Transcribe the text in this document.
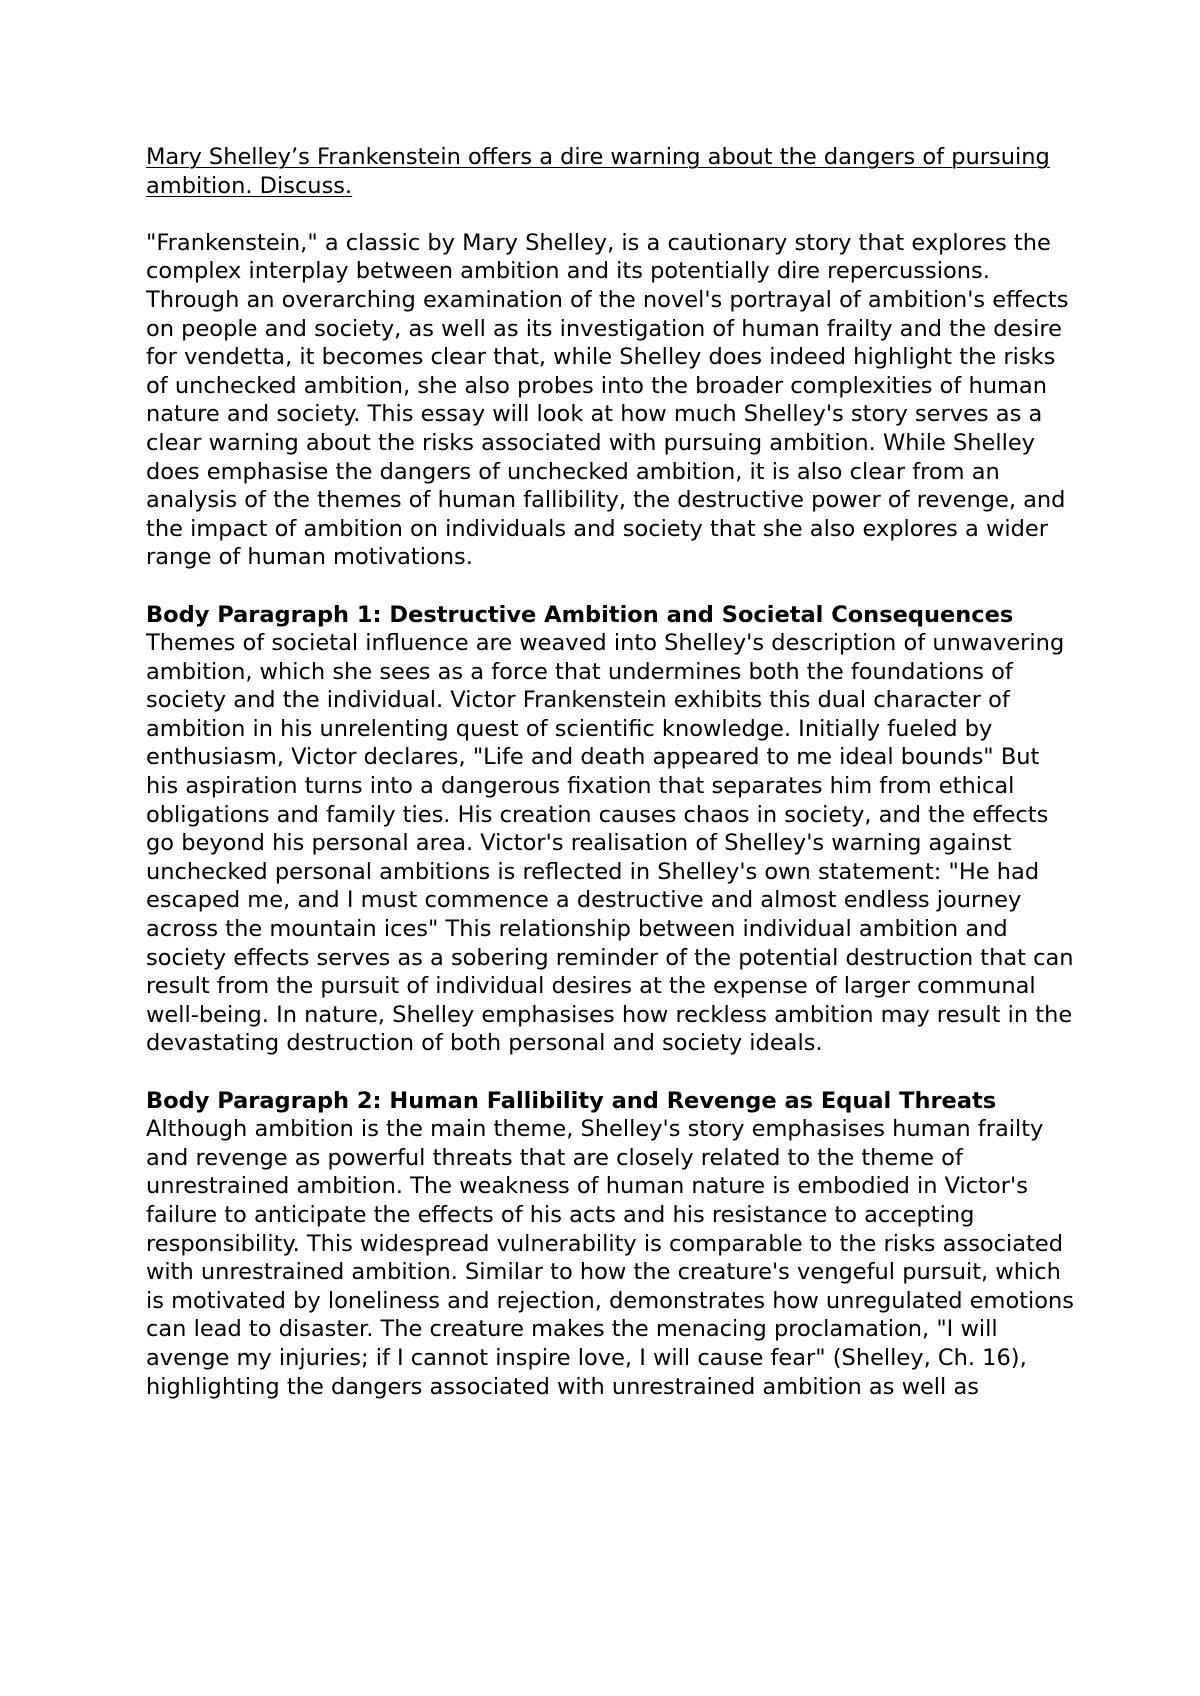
Mary Shelley’s Frankenstein offers a dire warning about the dangers of pursuing ambition. Discuss.

"Frankenstein," a classic by Mary Shelley, is a cautionary story that explores the complex interplay between ambition and its potentially dire repercussions. Through an overarching examination of the novel's portrayal of ambition's effects on people and society, as well as its investigation of human frailty and the desire for vendetta, it becomes clear that, while Shelley does indeed highlight the risks of unchecked ambition, she also probes into the broader complexities of human nature and society. This essay will look at how much Shelley's story serves as a clear warning about the risks associated with pursuing ambition. While Shelley does emphasise the dangers of unchecked ambition, it is also clear from an analysis of the themes of human fallibility, the destructive power of revenge, and the impact of ambition on individuals and society that she also explores a wider range of human motivations.

Body Paragraph 1: Destructive Ambition and Societal Consequences

Themes of societal influence are weaved into Shelley's description of unwavering ambition, which she sees as a force that undermines both the foundations of society and the individual. Victor Frankenstein exhibits this dual character of ambition in his unrelenting quest of scientific knowledge. Initially fueled by enthusiasm, Victor declares, "Life and death appeared to me ideal bounds" But his aspiration turns into a dangerous fixation that separates him from ethical obligations and family ties. His creation causes chaos in society, and the effects go beyond his personal area. Victor's realisation of Shelley's warning against unchecked personal ambitions is reflected in Shelley's own statement: "He had escaped me, and I must commence a destructive and almost endless journey across the mountain ices" This relationship between individual ambition and society effects serves as a sobering reminder of the potential destruction that can result from the pursuit of individual desires at the expense of larger communal well-being. In nature, Shelley emphasises how reckless ambition may result in the devastating destruction of both personal and society ideals.

Body Paragraph 2: Human Fallibility and Revenge as Equal Threats

Although ambition is the main theme, Shelley's story emphasises human frailty and revenge as powerful threats that are closely related to the theme of unrestrained ambition. The weakness of human nature is embodied in Victor's failure to anticipate the effects of his acts and his resistance to accepting responsibility. This widespread vulnerability is comparable to the risks associated with unrestrained ambition. Similar to how the creature's vengeful pursuit, which is motivated by loneliness and rejection, demonstrates how unregulated emotions can lead to disaster. The creature makes the menacing proclamation, "I will avenge my injuries; if I cannot inspire love, I will cause fear" (Shelley, Ch. 16), highlighting the dangers associated with unrestrained ambition as well as
